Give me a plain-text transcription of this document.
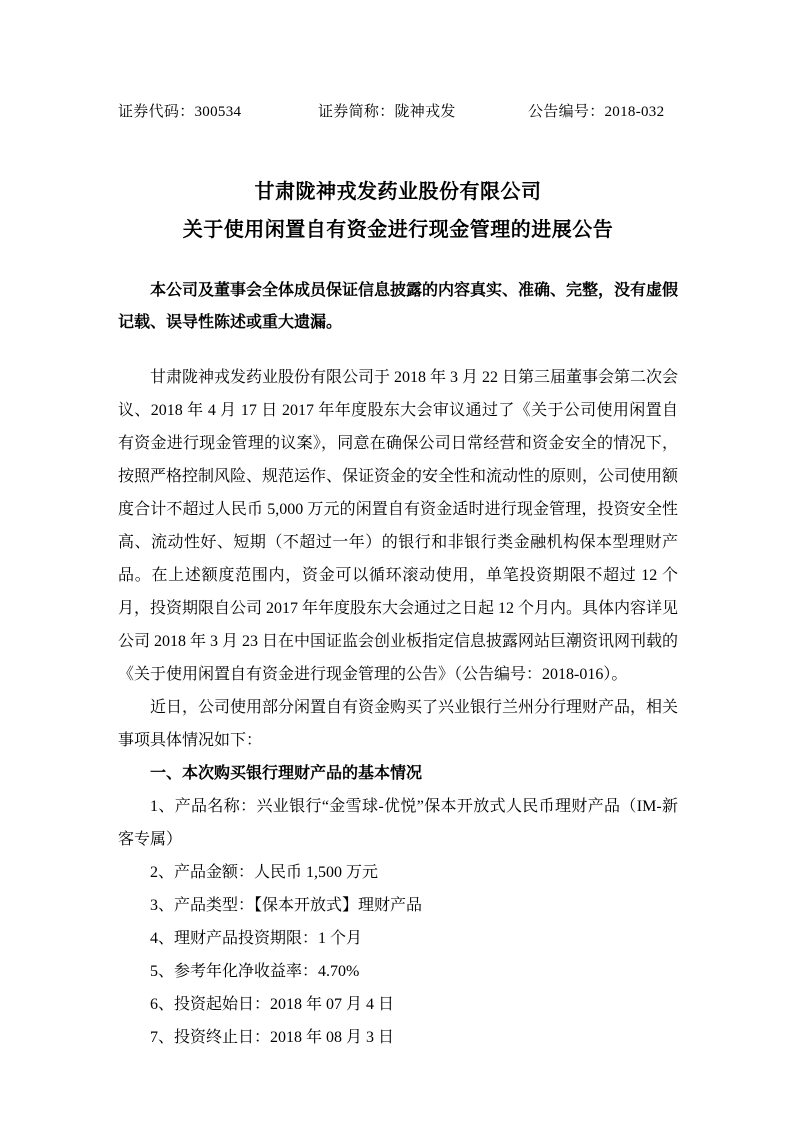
证券代码：300534	证券简称：陇神戎发	公告编号：2018-032
甘肃陇神戎发药业股份有限公司
关于使用闲置自有资金进行现金管理的进展公告
本公司及董事会全体成员保证信息披露的内容真实、准确、完整，没有虚假记载、误导性陈述或重大遗漏。

甘肃陇神戎发药业股份有限公司于 2018 年 3 月 22 日第三届董事会第二次会议、2018 年 4 月 17 日 2017 年年度股东大会审议通过了《关于公司使用闲置自有资金进行现金管理的议案》，同意在确保公司日常经营和资金安全的情况下，按照严格控制风险、规范运作、保证资金的安全性和流动性的原则，公司使用额度合计不超过人民币 5,000 万元的闲置自有资金适时进行现金管理，投资安全性高、流动性好、短期（不超过一年）的银行和非银行类金融机构保本型理财产品。在上述额度范围内，资金可以循环滚动使用，单笔投资期限不超过 12 个月，投资期限自公司 2017 年年度股东大会通过之日起 12 个月内。具体内容详见公司 2018 年 3 月 23 日在中国证监会创业板指定信息披露网站巨潮资讯网刊载的《关于使用闲置自有资金进行现金管理的公告》（公告编号：2018-016）。

近日，公司使用部分闲置自有资金购买了兴业银行兰州分行理财产品，相关事项具体情况如下：

一、本次购买银行理财产品的基本情况

1、产品名称：兴业银行“金雪球-优悦”保本开放式人民币理财产品（IM-新客专属）

2、产品金额：人民币 1,500 万元

3、产品类型：【保本开放式】理财产品

4、理财产品投资期限：1 个月

5、参考年化净收益率：4.70%

6、投资起始日：2018 年 07 月 4 日

7、投资终止日：2018 年 08 月 3 日
